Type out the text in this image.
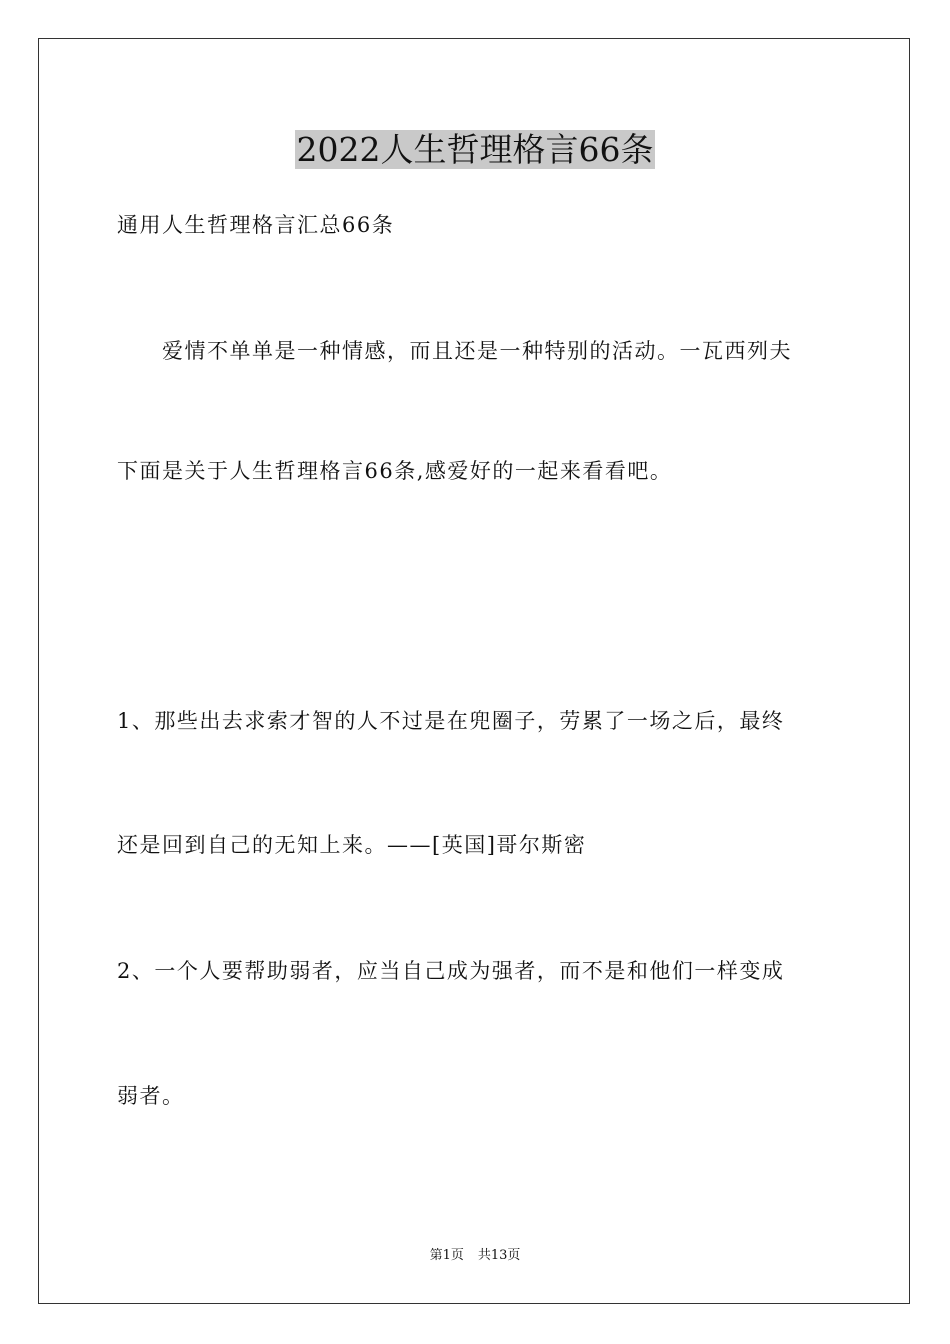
2022人生哲理格言66条
通用人生哲理格言汇总66条
爱情不单单是一种情感，而且还是一种特别的活动。一瓦西列夫
下面是关于人生哲理格言66条,感爱好的一起来看看吧。
1、那些出去求索才智的人不过是在兜圈子，劳累了一场之后，最终
还是回到自己的无知上来。——[英国]哥尔斯密
2、一个人要帮助弱者，应当自己成为强者，而不是和他们一样变成
弱者。
第1页 共13页
